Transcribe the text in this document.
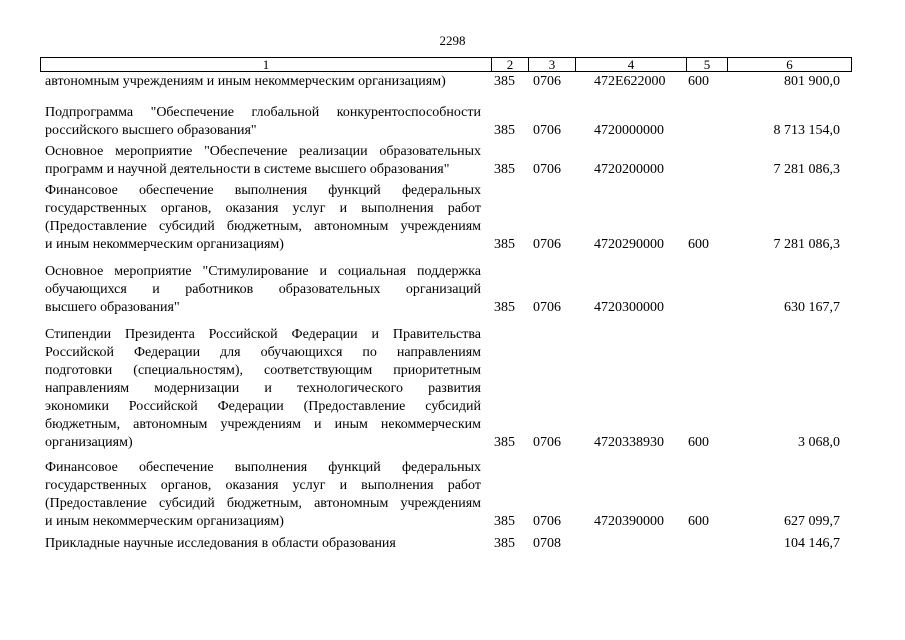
2298
1	2	3	4	5	6
автономным учреждениям и иным некоммерческим организациям)	385 0706 472E622000 600	801 900,0
Подпрограмма "Обеспечение глобальной конкурентоспособности
российского высшего образования"	385 0706 4720000000	8 713 154,0
Основное мероприятие "Обеспечение реализации образовательных
программ и научной деятельности в системе высшего образования"	385 0706 4720200000	7 281 086,3
Финансовое обеспечение выполнения функций федеральных
государственных органов, оказания услуг и выполнения работ
(Предоставление субсидий бюджетным, автономным учреждениям
и иным некоммерческим организациям)	385 0706 4720290000 600	7 281 086,3
Основное мероприятие "Стимулирование и социальная поддержка
обучающихся и работников образовательных организаций
высшего образования"	385 0706 4720300000	630 167,7
Стипендии Президента Российской Федерации и Правительства
Российской Федерации для обучающихся по направлениям
подготовки (специальностям), соответствующим приоритетным
направлениям модернизации и технологического развития
экономики Российской Федерации (Предоставление субсидий
бюджетным, автономным учреждениям и иным некоммерческим
организациям)	385 0706 4720338930 600	3 068,0
Финансовое обеспечение выполнения функций федеральных
государственных органов, оказания услуг и выполнения работ
(Предоставление субсидий бюджетным, автономным учреждениям
и иным некоммерческим организациям)	385 0706 4720390000 600	627 099,7
Прикладные научные исследования в области образования	385 0708	104 146,7
